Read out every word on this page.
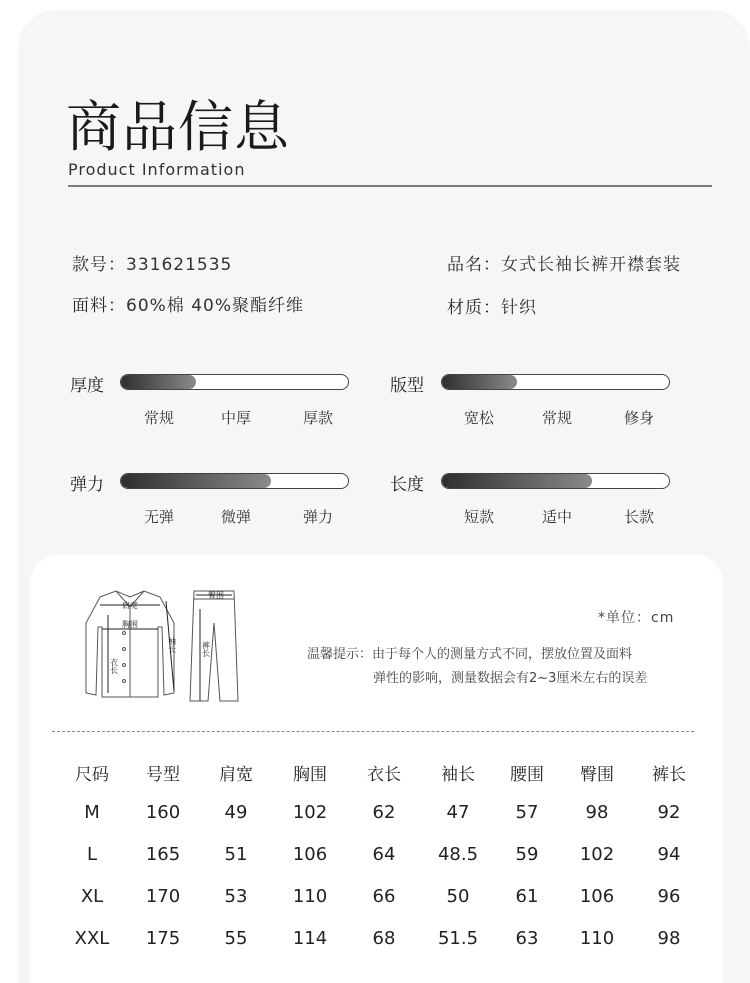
商品信息
Product Information
款号：331621535	品名：女式长袖长裤开襟套装
面料：60%棉 40%聚酯纤维	材质：针织
厚度
常规	中厚	厚款
版型
宽松	常规	修身
弹力
无弹	微弹	弹力
长度
短款	适中	长款
肩宽
胸围
衣长
袖长
臀围
裤长
*单位：cm
温馨提示：由于每个人的测量方式不同，摆放位置及面料
弹性的影响，测量数据会有2~3厘米左右的误差
尺码	号型	肩宽	胸围	衣长	袖长	腰围	臀围	裤长
M	160	49	102	62	47	57	98	92
L	165	51	106	64	48.5	59	102	94
XL	170	53	110	66	50	61	106	96
XXL	175	55	114	68	51.5	63	110	98
